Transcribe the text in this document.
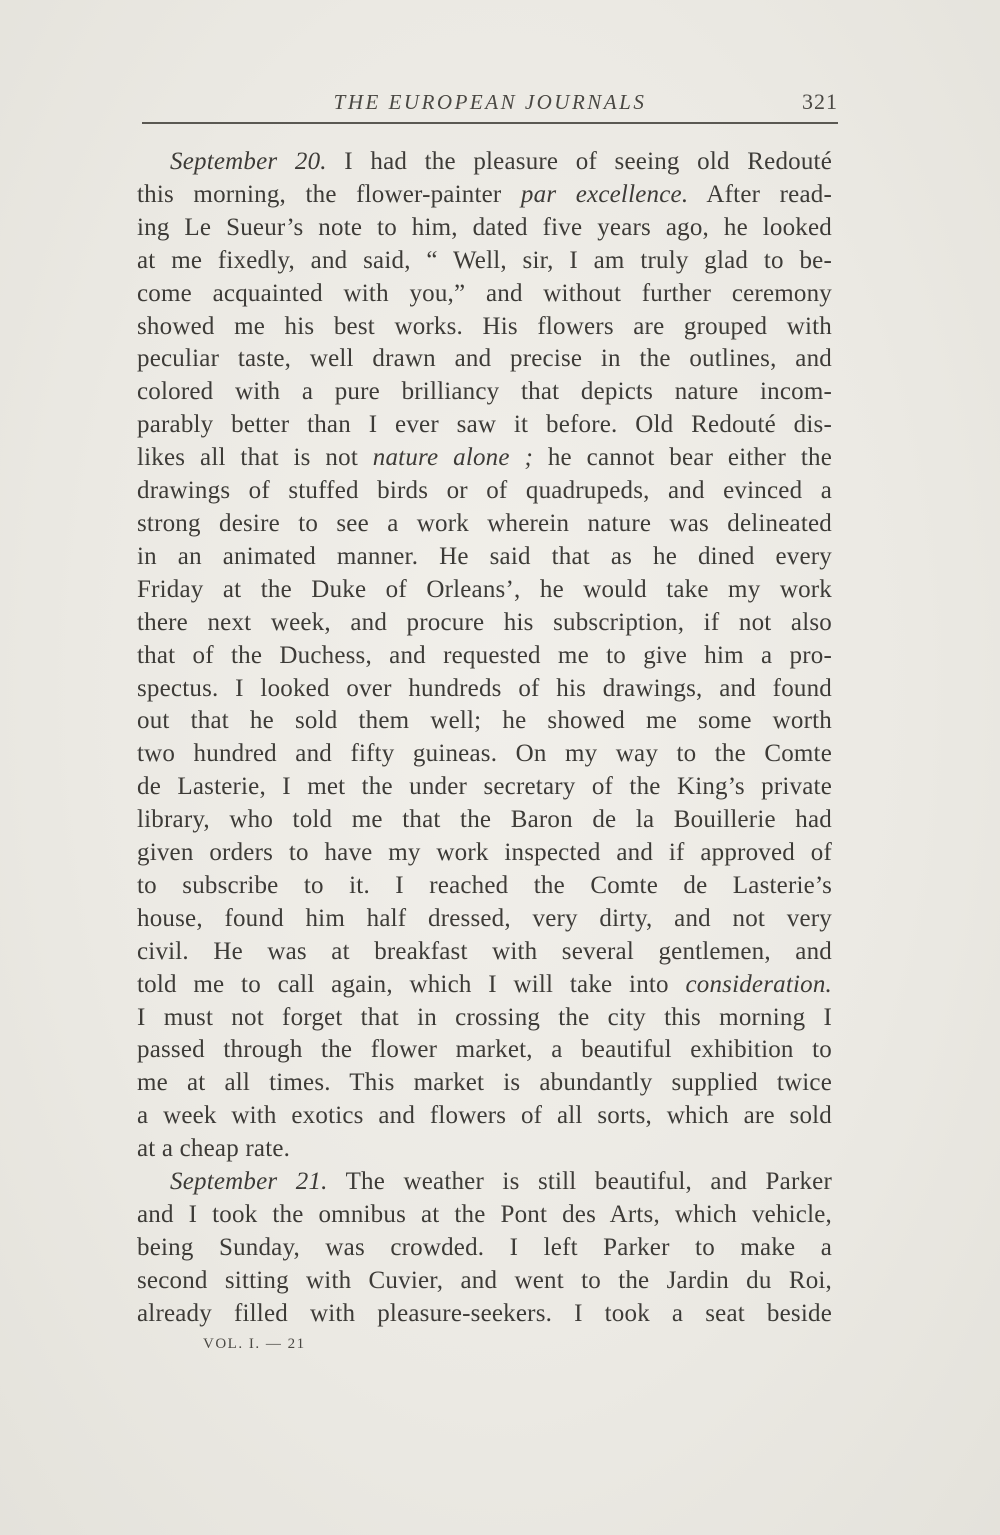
THE EUROPEAN JOURNALS	321
September 20. I had the pleasure of seeing old Redouté
this morning, the flower-painter par excellence. After read-
ing Le Sueur’s note to him, dated five years ago, he looked
at me fixedly, and said, “ Well, sir, I am truly glad to be-
come acquainted with you,” and without further ceremony
showed me his best works. His flowers are grouped with
peculiar taste, well drawn and precise in the outlines, and
colored with a pure brilliancy that depicts nature incom-
parably better than I ever saw it before. Old Redouté dis-
likes all that is not nature alone ; he cannot bear either the
drawings of stuffed birds or of quadrupeds, and evinced a
strong desire to see a work wherein nature was delineated
in an animated manner. He said that as he dined every
Friday at the Duke of Orleans’, he would take my work
there next week, and procure his subscription, if not also
that of the Duchess, and requested me to give him a pro-
spectus. I looked over hundreds of his drawings, and found
out that he sold them well; he showed me some worth
two hundred and fifty guineas. On my way to the Comte
de Lasterie, I met the under secretary of the King’s private
library, who told me that the Baron de la Bouillerie had
given orders to have my work inspected and if approved of
to subscribe to it. I reached the Comte de Lasterie’s
house, found him half dressed, very dirty, and not very
civil. He was at breakfast with several gentlemen, and
told me to call again, which I will take into consideration.
I must not forget that in crossing the city this morning I
passed through the flower market, a beautiful exhibition to
me at all times. This market is abundantly supplied twice
a week with exotics and flowers of all sorts, which are sold
at a cheap rate.
September 21. The weather is still beautiful, and Parker
and I took the omnibus at the Pont des Arts, which vehicle,
being Sunday, was crowded. I left Parker to make a
second sitting with Cuvier, and went to the Jardin du Roi,
already filled with pleasure-seekers. I took a seat beside
VOL. I. — 21
